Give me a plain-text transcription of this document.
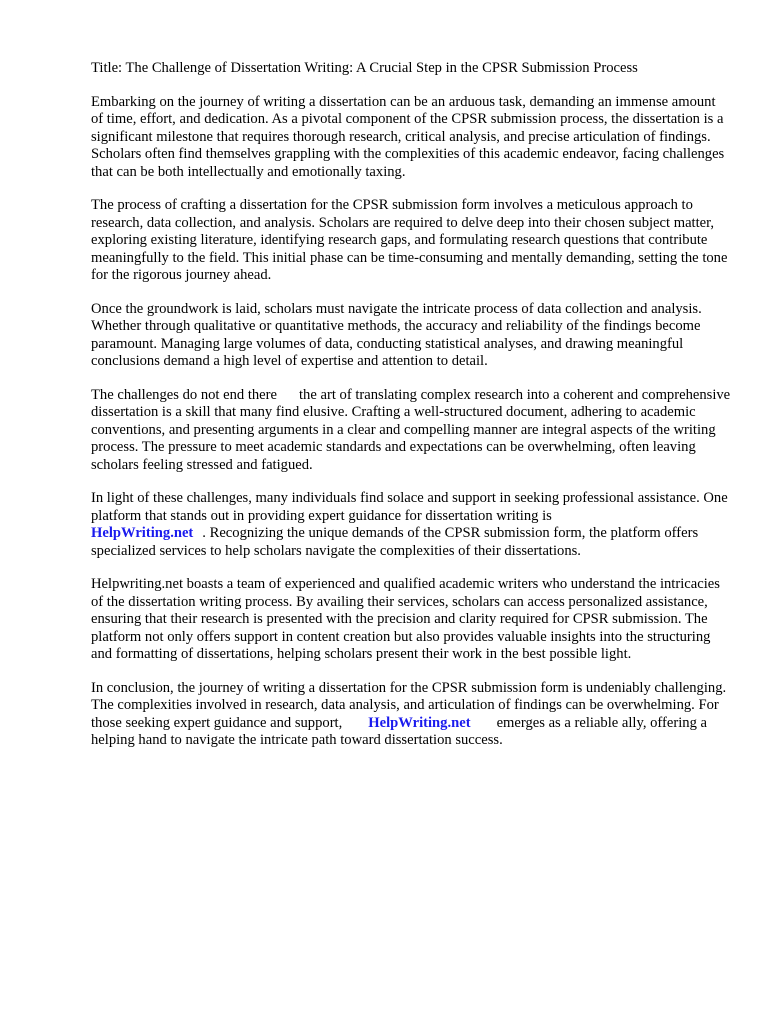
Title: The Challenge of Dissertation Writing: A Crucial Step in the CPSR Submission Process

Embarking on the journey of writing a dissertation can be an arduous task, demanding an immense amount of time, effort, and dedication. As a pivotal component of the CPSR submission process, the dissertation is a significant milestone that requires thorough research, critical analysis, and precise articulation of findings. Scholars often find themselves grappling with the complexities of this academic endeavor, facing challenges that can be both intellectually and emotionally taxing.

The process of crafting a dissertation for the CPSR submission form involves a meticulous approach to research, data collection, and analysis. Scholars are required to delve deep into their chosen subject matter, exploring existing literature, identifying research gaps, and formulating research questions that contribute meaningfully to the field. This initial phase can be time-consuming and mentally demanding, setting the tone for the rigorous journey ahead.

Once the groundwork is laid, scholars must navigate the intricate process of data collection and analysis. Whether through qualitative or quantitative methods, the accuracy and reliability of the findings become paramount. Managing large volumes of data, conducting statistical analyses, and drawing meaningful conclusions demand a high level of expertise and attention to detail.

The challenges do not end there the art of translating complex research into a coherent and comprehensive dissertation is a skill that many find elusive. Crafting a well-structured document, adhering to academic conventions, and presenting arguments in a clear and compelling manner are integral aspects of the writing process. The pressure to meet academic standards and expectations can be overwhelming, often leaving scholars feeling stressed and fatigued.

In light of these challenges, many individuals find solace and support in seeking professional assistance. One platform that stands out in providing expert guidance for dissertation writing is
HelpWriting.net . Recognizing the unique demands of the CPSR submission form, the platform offers specialized services to help scholars navigate the complexities of their dissertations.

Helpwriting.net boasts a team of experienced and qualified academic writers who understand the intricacies of the dissertation writing process. By availing their services, scholars can access personalized assistance, ensuring that their research is presented with the precision and clarity required for CPSR submission. The platform not only offers support in content creation but also provides valuable insights into the structuring and formatting of dissertations, helping scholars present their work in the best possible light.

In conclusion, the journey of writing a dissertation for the CPSR submission form is undeniably challenging. The complexities involved in research, data analysis, and articulation of findings can be overwhelming. For those seeking expert guidance and support, HelpWriting.net emerges as a reliable ally, offering a helping hand to navigate the intricate path toward dissertation success.
